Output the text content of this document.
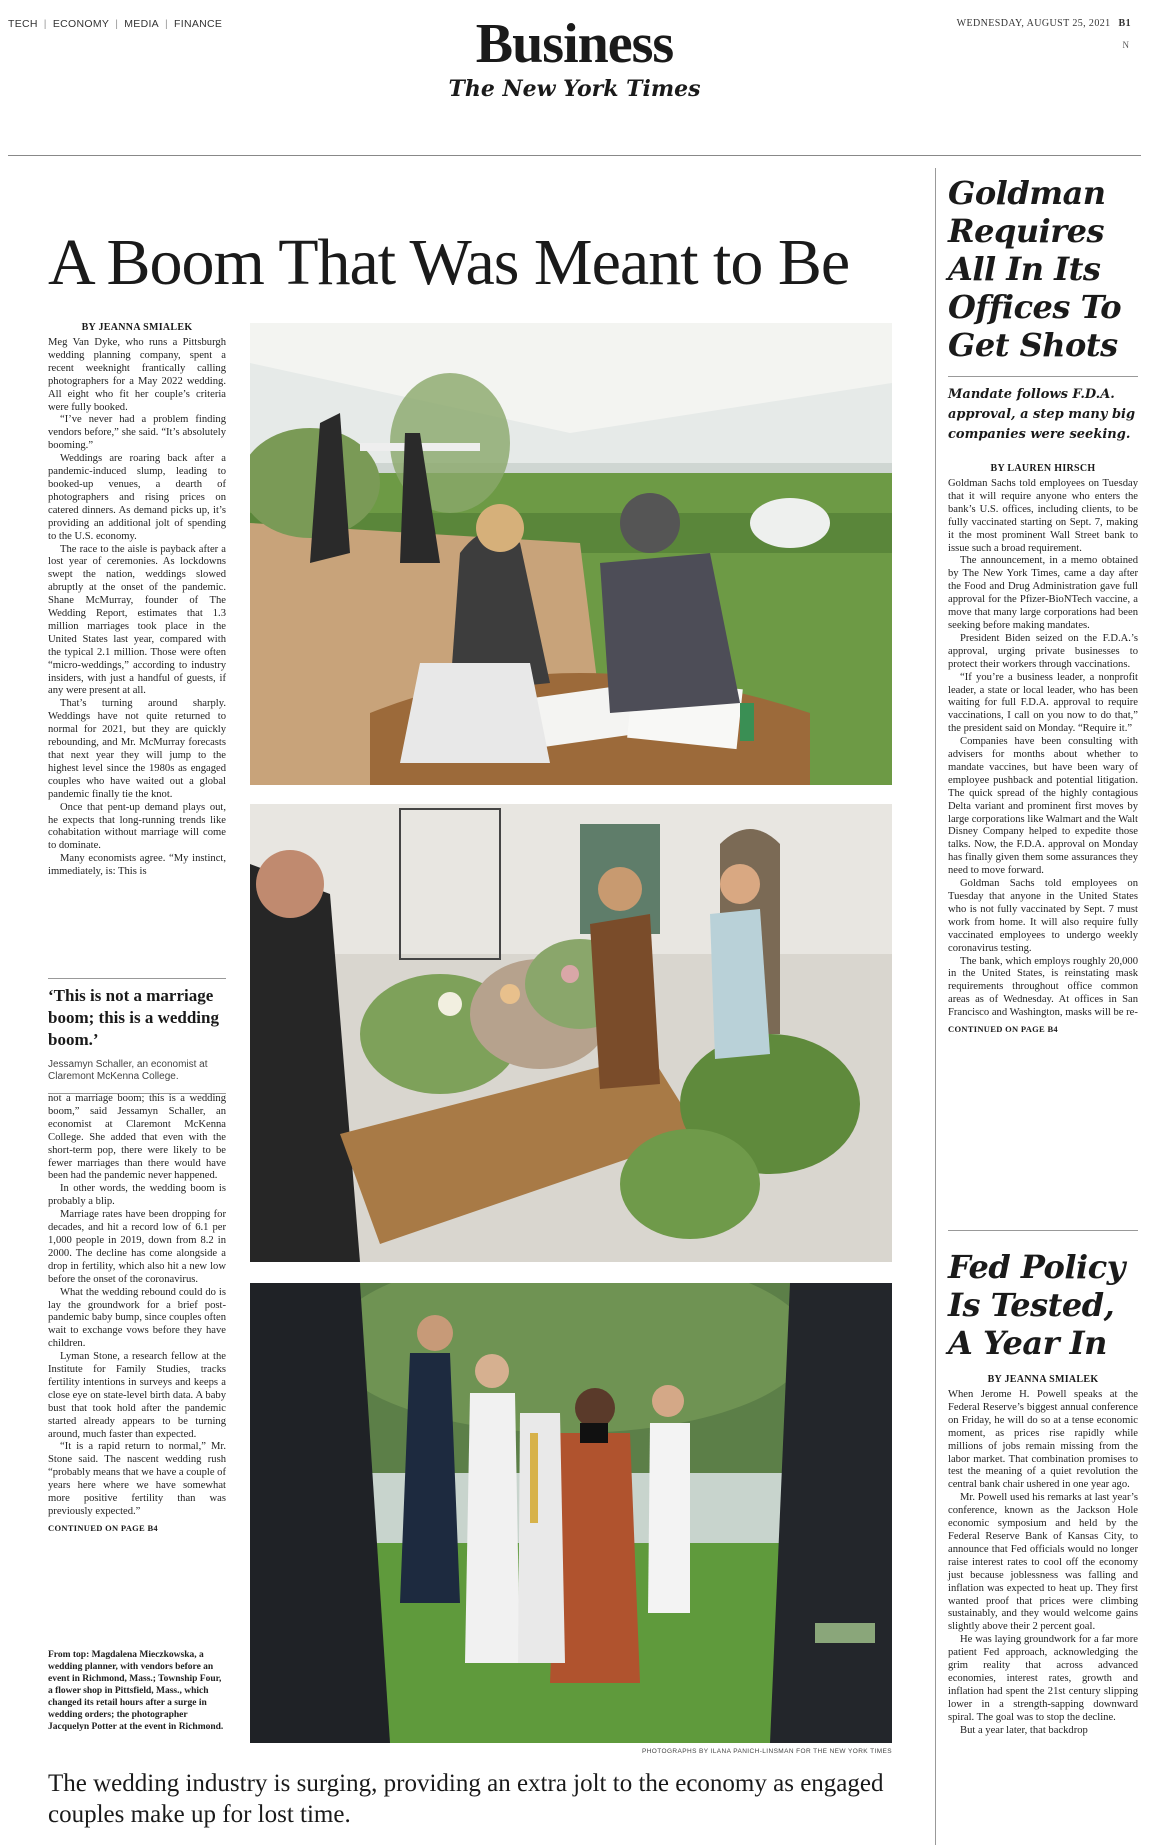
TECH | ECONOMY | MEDIA | FINANCE	WEDNESDAY, AUGUST 25, 2021 B1
N
Business
The New York Times
A Boom That Was Meant to Be
BY JEANNA SMIALEK

Meg Van Dyke, who runs a Pittsburgh wedding planning company, spent a recent weeknight frantically calling photographers for a May 2022 wedding. All eight who fit her couple’s criteria were fully booked.

“I’ve never had a problem finding vendors before,” she said. “It’s absolutely booming.”

Weddings are roaring back after a pandemic-induced slump, leading to booked-up venues, a dearth of photographers and rising prices on catered dinners. As demand picks up, it’s providing an additional jolt of spending to the U.S. economy.

The race to the aisle is payback after a lost year of ceremonies. As lockdowns swept the nation, weddings slowed abruptly at the onset of the pandemic. Shane McMurray, founder of The Wedding Report, estimates that 1.3 million marriages took place in the United States last year, compared with the typical 2.1 million. Those were often “micro-weddings,” according to industry insiders, with just a handful of guests, if any were present at all.

That’s turning around sharply. Weddings have not quite returned to normal for 2021, but they are quickly rebounding, and Mr. McMurray forecasts that next year they will jump to the highest level since the 1980s as engaged couples who have waited out a global pandemic finally tie the knot.

Once that pent-up demand plays out, he expects that long-running trends like cohabitation without marriage will come to dominate.

Many economists agree. “My instinct, immediately, is: This is

‘This is not a marriage boom; this is a wedding boom.’
Jessamyn Schaller, an economist at Claremont McKenna College.

not a marriage boom; this is a wedding boom,” said Jessamyn Schaller, an economist at Claremont McKenna College. She added that even with the short-term pop, there were likely to be fewer marriages than there would have been had the pandemic never happened.

In other words, the wedding boom is probably a blip.

Marriage rates have been dropping for decades, and hit a record low of 6.1 per 1,000 people in 2019, down from 8.2 in 2000. The decline has come alongside a drop in fertility, which also hit a new low before the onset of the coronavirus.

What the wedding rebound could do is lay the groundwork for a brief post-pandemic baby bump, since couples often wait to exchange vows before they have children.

Lyman Stone, a research fellow at the Institute for Family Studies, tracks fertility intentions in surveys and keeps a close eye on state-level birth data. A baby bust that took hold after the pandemic started already appears to be turning around, much faster than expected.

“It is a rapid return to normal,” Mr. Stone said. The nascent wedding rush “probably means that we have a couple of years here where we have somewhat more positive fertility than was previously expected.”

CONTINUED ON PAGE B4
From top: Magdalena Mieczkowska, a wedding planner, with vendors before an event in Richmond, Mass.; Township Four, a flower shop in Pittsfield, Mass., which changed its retail hours after a surge in wedding orders; the photographer Jacquelyn Potter at the event in Richmond.
PHOTOGRAPHS BY ILANA PANICH-LINSMAN FOR THE NEW YORK TIMES
The wedding industry is surging, providing an extra jolt to the economy as engaged couples make up for lost time.
Goldman Requires All In Its Offices To Get Shots
Mandate follows F.D.A. approval, a step many big companies were seeking.
BY LAUREN HIRSCH

Goldman Sachs told employees on Tuesday that it will require anyone who enters the bank’s U.S. offices, including clients, to be fully vaccinated starting on Sept. 7, making it the most prominent Wall Street bank to issue such a broad requirement.

The announcement, in a memo obtained by The New York Times, came a day after the Food and Drug Administration gave full approval for the Pfizer-BioNTech vaccine, a move that many large corporations had been seeking before making mandates.

President Biden seized on the F.D.A.’s approval, urging private businesses to protect their workers through vaccinations.

“If you’re a business leader, a nonprofit leader, a state or local leader, who has been waiting for full F.D.A. approval to require vaccinations, I call on you now to do that,” the president said on Monday. “Require it.”

Companies have been consulting with advisers for months about whether to mandate vaccines, but have been wary of employee pushback and potential litigation. The quick spread of the highly contagious Delta variant and prominent first moves by large corporations like Walmart and the Walt Disney Company helped to expedite those talks. Now, the F.D.A. approval on Monday has finally given them some assurances they need to move forward.

Goldman Sachs told employees on Tuesday that anyone in the United States who is not fully vaccinated by Sept. 7 must work from home. It will also require fully vaccinated employees to undergo weekly coronavirus testing.

The bank, which employs roughly 20,000 in the United States, is reinstating mask requirements throughout office common areas as of Wednesday. At offices in San Francisco and Washington, masks will be re-

CONTINUED ON PAGE B4
Fed Policy Is Tested, A Year In
BY JEANNA SMIALEK

When Jerome H. Powell speaks at the Federal Reserve’s biggest annual conference on Friday, he will do so at a tense economic moment, as prices rise rapidly while millions of jobs remain missing from the labor market. That combination promises to test the meaning of a quiet revolution the central bank chair ushered in one year ago.

Mr. Powell used his remarks at last year’s conference, known as the Jackson Hole economic symposium and held by the Federal Reserve Bank of Kansas City, to announce that Fed officials would no longer raise interest rates to cool off the economy just because joblessness was falling and inflation was expected to heat up. They first wanted proof that prices were climbing sustainably, and they would welcome gains slightly above their 2 percent goal.

He was laying groundwork for a far more patient Fed approach, acknowledging the grim reality that across advanced economies, interest rates, growth and inflation had spent the 21st century slipping lower in a strength-sapping downward spiral. The goal was to stop the decline.

But a year later, that backdrop
